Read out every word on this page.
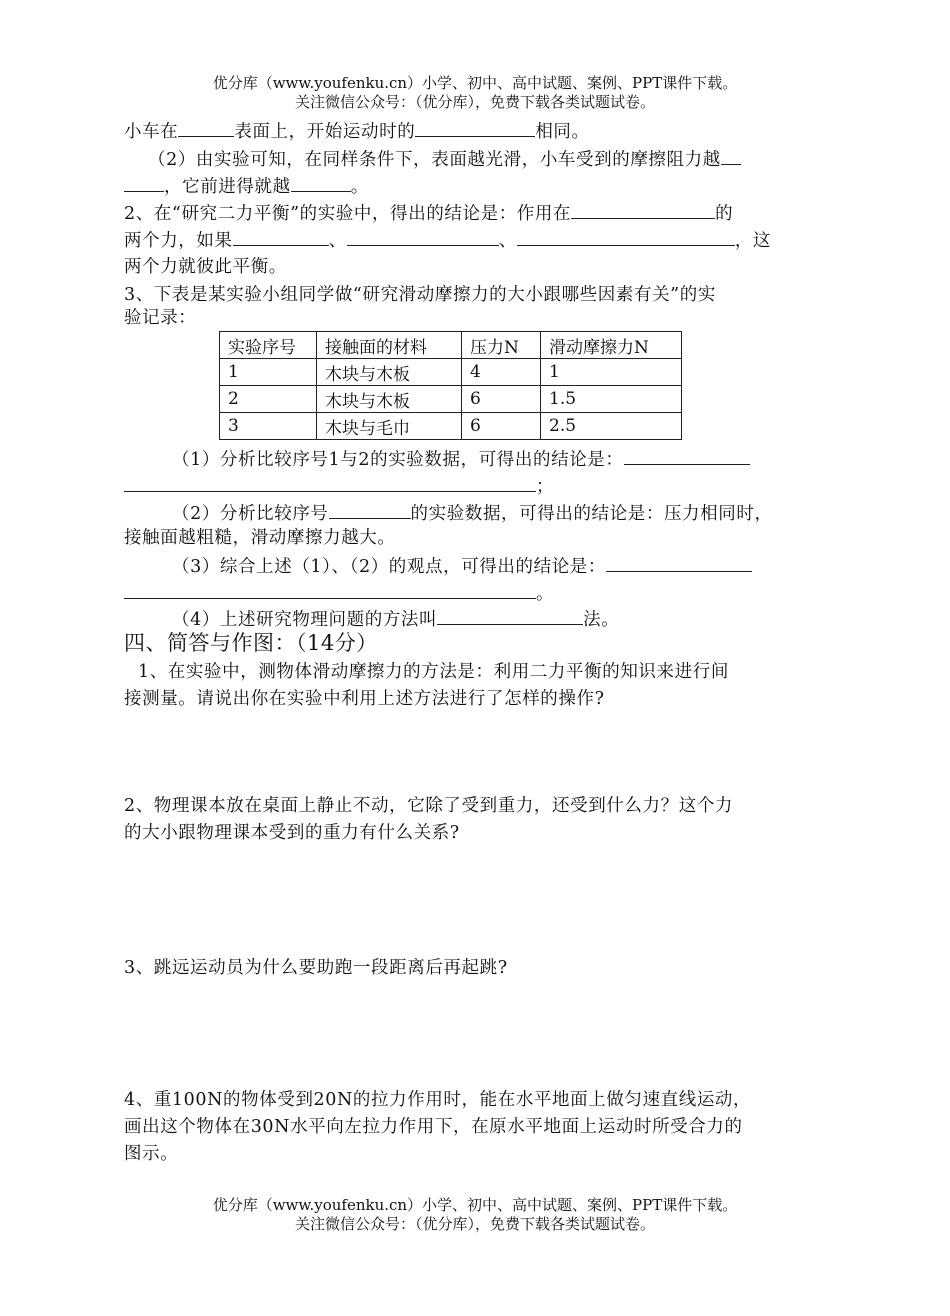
优分库（www.youfenku.cn）小学、初中、高中试题、案例、PPT课件下载。
关注微信公众号：（优分库），免费下载各类试题试卷。
小车在	表面上，开始运动时的	相同。
（2）由实验可知，在同样条件下，表面越光滑，小车受到的摩擦阻力越
，它前进得就越	。
2、在“研究二力平衡”的实验中，得出的结论是：作用在	的
两个力，如果	、	、	，这
两个力就彼此平衡。
3、下表是某实验小组同学做“研究滑动摩擦力的大小跟哪些因素有关”的实
验记录：
实验序号	接触面的材料	压力N	滑动摩擦力N
1	木块与木板	4	1
2	木块与木板	6	1.5
3	木块与毛巾	6	2.5
（1）分析比较序号1与2的实验数据，可得出的结论是：
；
（2）分析比较序号	的实验数据，可得出的结论是：压力相同时，
接触面越粗糙，滑动摩擦力越大。
（3）综合上述（1）、（2）的观点，可得出的结论是：
。
（4）上述研究物理问题的方法叫	法。
四、简答与作图：（14分）
1、在实验中，测物体滑动摩擦力的方法是：利用二力平衡的知识来进行间
接测量。请说出你在实验中利用上述方法进行了怎样的操作?
2、物理课本放在桌面上静止不动，它除了受到重力，还受到什么力？这个力
的大小跟物理课本受到的重力有什么关系?
3、跳远运动员为什么要助跑一段距离后再起跳?
4、重100N的物体受到20N的拉力作用时，能在水平地面上做匀速直线运动，
画出这个物体在30N水平向左拉力作用下，在原水平地面上运动时所受合力的
图示。
优分库（www.youfenku.cn）小学、初中、高中试题、案例、PPT课件下载。
关注微信公众号：（优分库），免费下载各类试题试卷。
